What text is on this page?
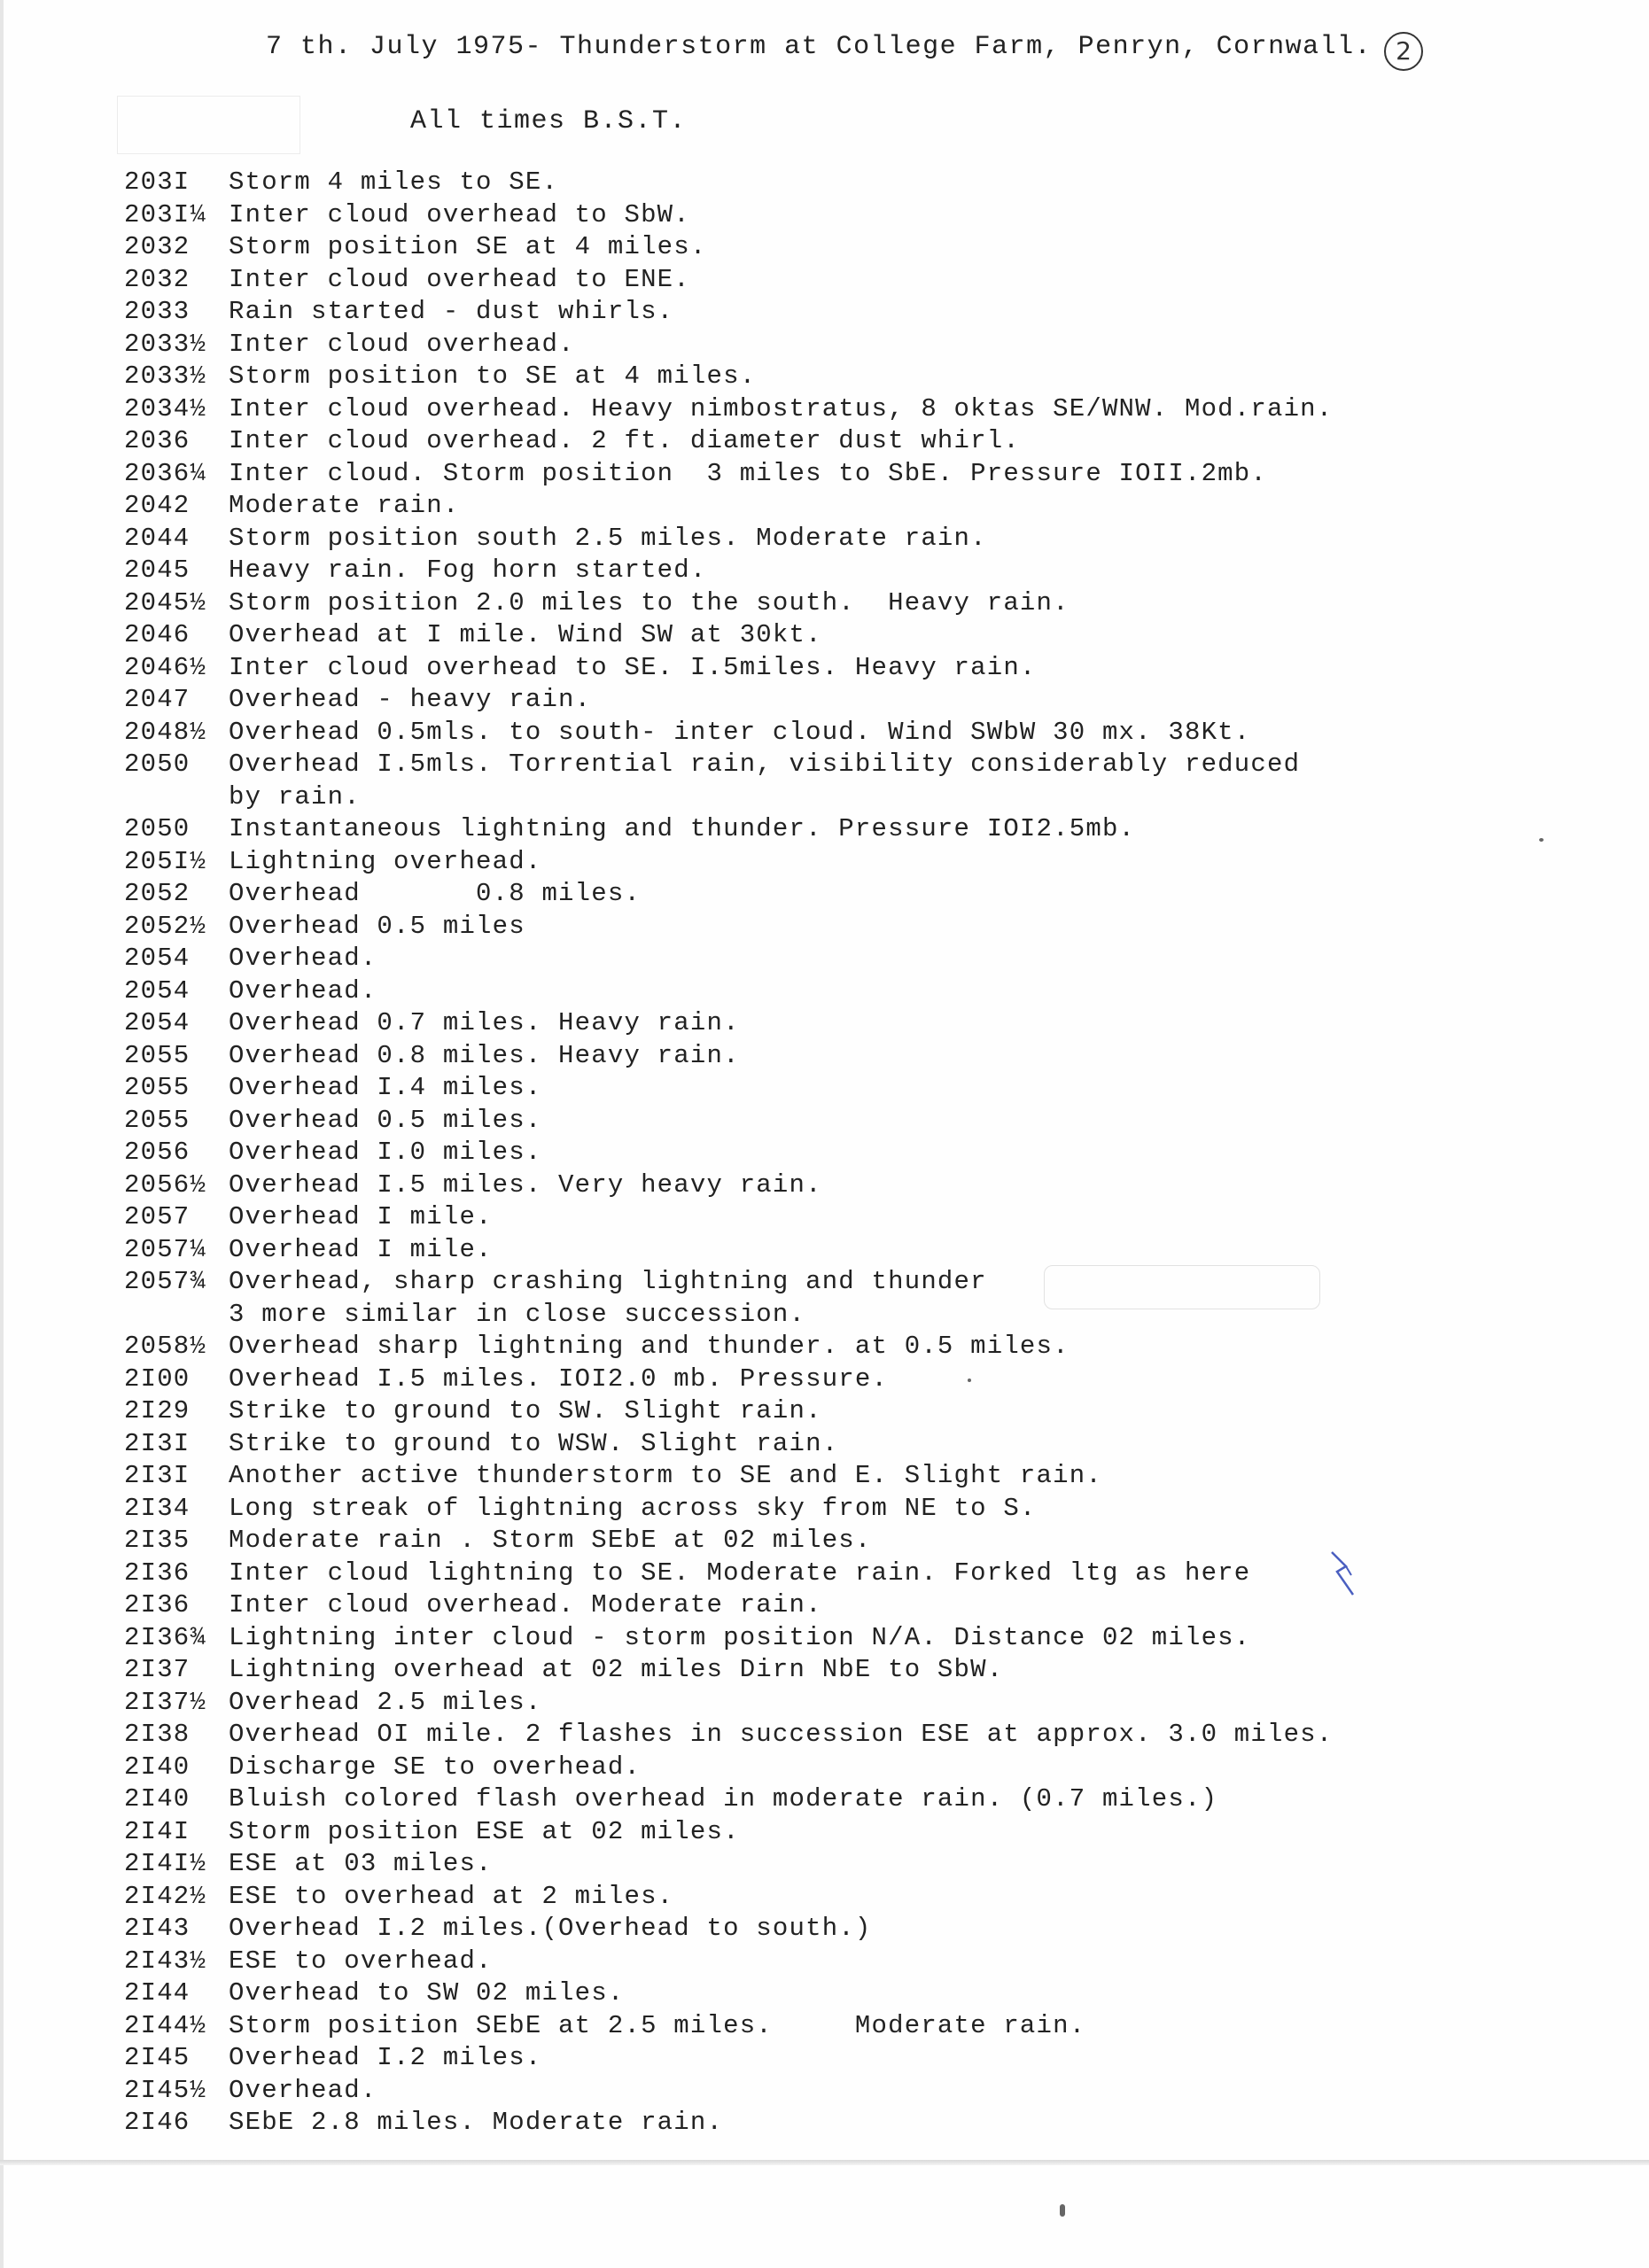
7 th. July 1975- Thunderstorm at College Farm, Penryn, Cornwall. 2
All times B.S.T.
203I	Storm 4 miles to SE.
203I¼ Inter cloud overhead to SbW.
2032	Storm position SE at 4 miles.
2032	Inter cloud overhead to ENE.
2033	Rain started - dust whirls.
2033½ Inter cloud overhead.
2033½ Storm position to SE at 4 miles.
2034½ Inter cloud overhead. Heavy nimbostratus, 8 oktas SE/WNW. Mod.rain.
2036	Inter cloud overhead. 2 ft. diameter dust whirl.
2036¼ Inter cloud. Storm position  3 miles to SbE. Pressure IOII.2mb.
2042	Moderate rain.
2044	Storm position south 2.5 miles. Moderate rain.
2045	Heavy rain. Fog horn started.
2045½ Storm position 2.0 miles to the south.  Heavy rain.
2046	Overhead at I mile. Wind SW at 30kt.
2046½ Inter cloud overhead to SE. I.5miles. Heavy rain.
2047	Overhead - heavy rain.
2048½ Overhead 0.5mls. to south- inter cloud. Wind SWbW 30 mx. 38Kt.
2050	Overhead I.5mls. Torrential rain, visibility considerably reduced
by rain.
2050	Instantaneous lightning and thunder. Pressure IOI2.5mb.
205I½ Lightning overhead.
2052	Overhead       0.8 miles.
2052½ Overhead 0.5 miles
2054	Overhead.
2054	Overhead.
2054	Overhead 0.7 miles. Heavy rain.
2055	Overhead 0.8 miles. Heavy rain.
2055	Overhead I.4 miles.
2055	Overhead 0.5 miles.
2056	Overhead I.0 miles.
2056½ Overhead I.5 miles. Very heavy rain.
2057	Overhead I mile.
2057¼ Overhead I mile.
2057¾ Overhead, sharp crashing lightning and thunder
3 more similar in close succession.
2058½ Overhead sharp lightning and thunder. at 0.5 miles.
2I00	Overhead I.5 miles. IOI2.0 mb. Pressure.
2I29	Strike to ground to SW. Slight rain.
2I3I	Strike to ground to WSW. Slight rain.
2I3I	Another active thunderstorm to SE and E. Slight rain.
2I34	Long streak of lightning across sky from NE to S.
2I35	Moderate rain . Storm SEbE at 02 miles.
2I36	Inter cloud lightning to SE. Moderate rain. Forked ltg as here
2I36	Inter cloud overhead. Moderate rain.
2I36¾ Lightning inter cloud - storm position N/A. Distance 02 miles.
2I37	Lightning overhead at 02 miles Dirn NbE to SbW.
2I37½ Overhead 2.5 miles.
2I38	Overhead OI mile. 2 flashes in succession ESE at approx. 3.0 miles.
2I40	Discharge SE to overhead.
2I40	Bluish colored flash overhead in moderate rain. (0.7 miles.)
2I4I	Storm position ESE at 02 miles.
2I4I½ ESE at 03 miles.
2I42½ ESE to overhead at 2 miles.
2I43	Overhead I.2 miles.(Overhead to south.)
2I43½ ESE to overhead.
2I44	Overhead to SW 02 miles.
2I44½ Storm position SEbE at 2.5 miles.     Moderate rain.
2I45	Overhead I.2 miles.
2I45½ Overhead.
2I46	SEbE 2.8 miles. Moderate rain.
